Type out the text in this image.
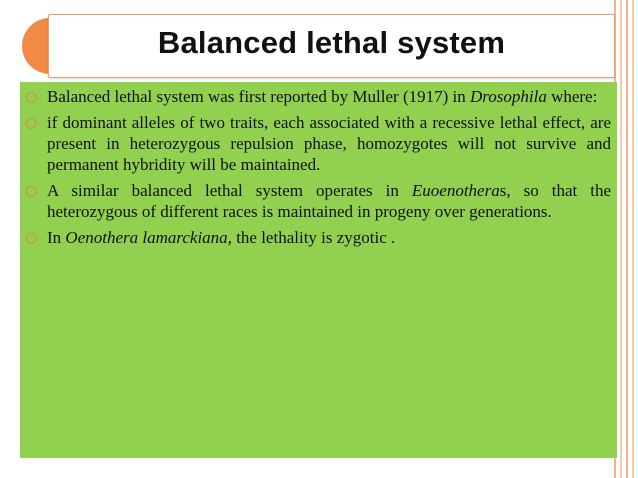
Balanced lethal system
○ Balanced lethal system was first reported by Muller (1917) in Drosophila where:
○ if dominant alleles of two traits, each associated with a recessive lethal effect, are present in heterozygous repulsion phase, homozygotes will not survive and permanent hybridity will be maintained.
○ A similar balanced lethal system operates in Euoenotheras, so that the heterozygous of different races is maintained in progeny over generations.
○ In Oenothera lamarckiana, the lethality is zygotic .
